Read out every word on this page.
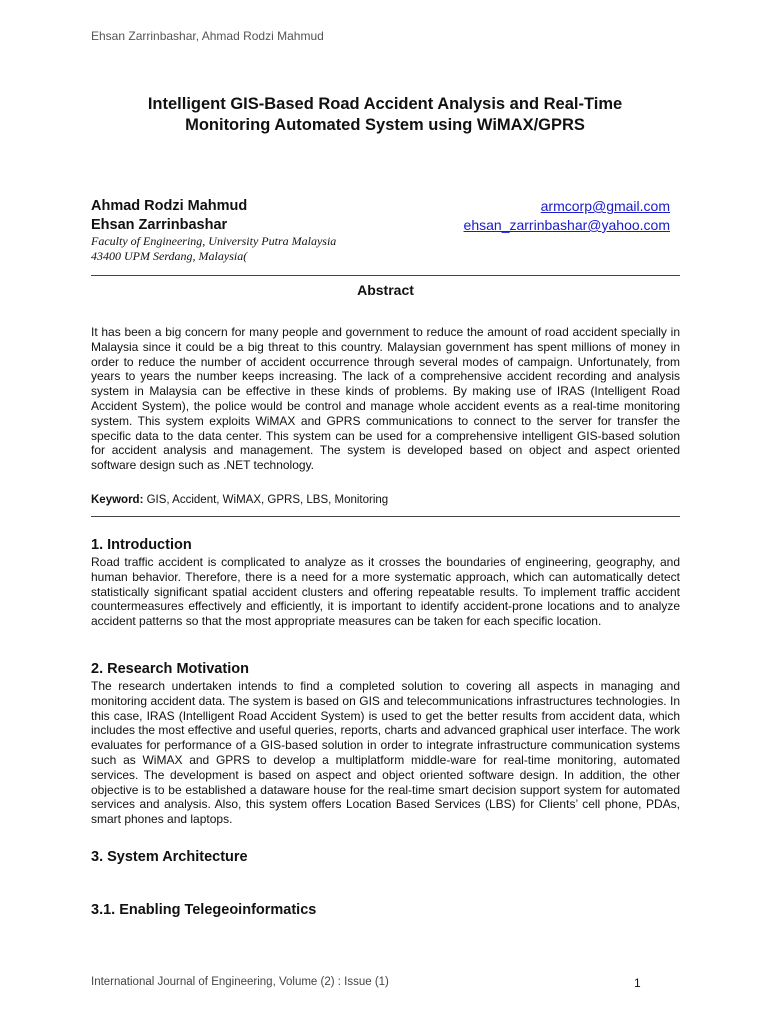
Ehsan Zarrinbashar, Ahmad Rodzi Mahmud
Intelligent GIS-Based Road Accident Analysis and Real-Time
Monitoring Automated System using WiMAX/GPRS
Ahmad Rodzi Mahmud
Ehsan Zarrinbashar
armcorp@gmail.com
ehsan_zarrinbashar@yahoo.com
Faculty of Engineering, University Putra Malaysia
43400 UPM Serdang, Malaysia(
Abstract
It has been a big concern for many people and government to reduce the amount of road accident specially in Malaysia since it could be a big threat to this country. Malaysian government has spent millions of money in order to reduce the number of accident occurrence through several modes of campaign. Unfortunately, from years to years the number keeps increasing. The lack of a comprehensive accident recording and analysis system in Malaysia can be effective in these kinds of problems. By making use of IRAS (Intelligent Road Accident System), the police would be control and manage whole accident events as a real-time monitoring system. This system exploits WiMAX and GPRS communications to connect to the server for transfer the specific data to the data center. This system can be used for a comprehensive intelligent GIS-based solution for accident analysis and management. The system is developed based on object and aspect oriented software design such as .NET technology.
Keyword: GIS, Accident, WiMAX, GPRS, LBS, Monitoring
1. Introduction
Road traffic accident is complicated to analyze as it crosses the boundaries of engineering, geography, and human behavior. Therefore, there is a need for a more systematic approach, which can automatically detect statistically significant spatial accident clusters and offering repeatable results. To implement traffic accident countermeasures effectively and efficiently, it is important to identify accident-prone locations and to analyze accident patterns so that the most appropriate measures can be taken for each specific location.
2. Research Motivation
The research undertaken intends to find a completed solution to covering all aspects in managing and monitoring accident data. The system is based on GIS and telecommunications infrastructures technologies. In this case, IRAS (Intelligent Road Accident System) is used to get the better results from accident data, which includes the most effective and useful queries, reports, charts and advanced graphical user interface. The work evaluates for performance of a GIS-based solution in order to integrate infrastructure communication systems such as WiMAX and GPRS to develop a multiplatform middle-ware for real-time monitoring, automated services. The development is based on aspect and object oriented software design. In addition, the other objective is to be established a dataware house for the real-time smart decision support system for automated services and analysis. Also, this system offers Location Based Services (LBS) for Clients’ cell phone, PDAs, smart phones and laptops.
3. System Architecture
3.1. Enabling Telegeoinformatics
International Journal of Engineering, Volume (2) : Issue (1)	1
